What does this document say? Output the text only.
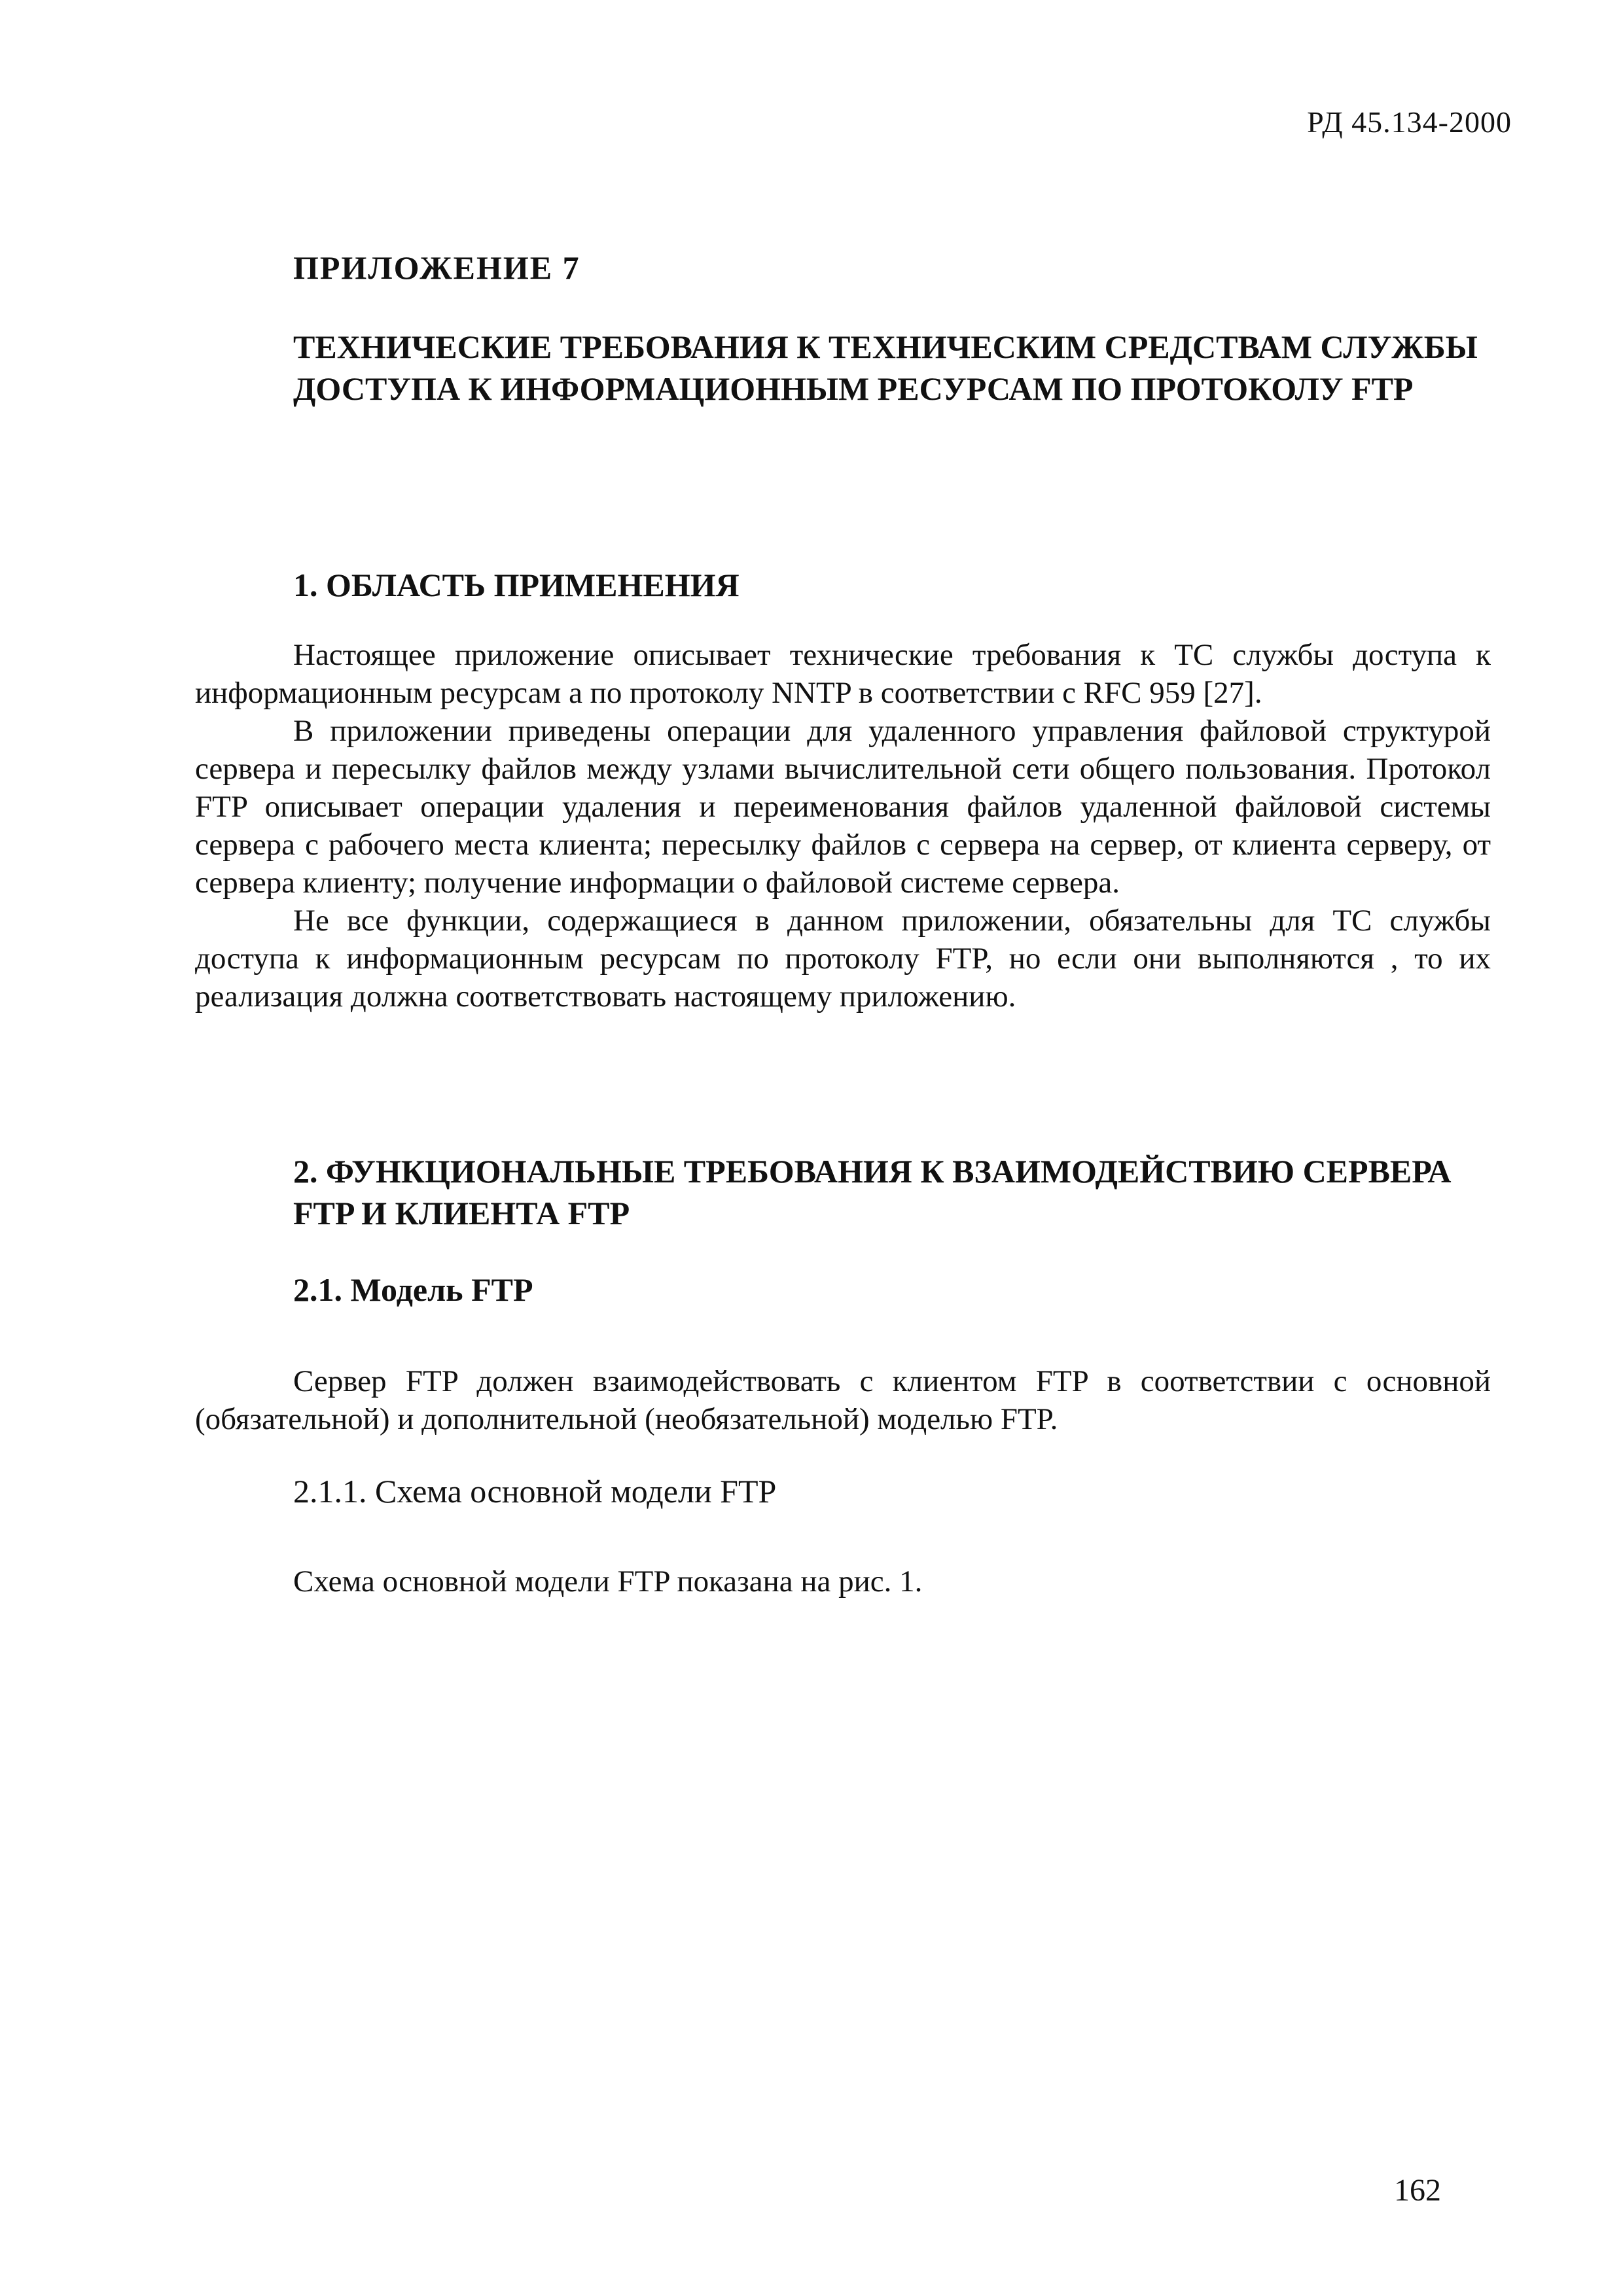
РД 45.134-2000
ПРИЛОЖЕНИЕ 7
ТЕХНИЧЕСКИЕ ТРЕБОВАНИЯ К ТЕХНИЧЕСКИМ СРЕДСТВАМ СЛУЖБЫ
ДОСТУПА К ИНФОРМАЦИОННЫМ РЕСУРСАМ ПО ПРОТОКОЛУ FTP
1. ОБЛАСТЬ ПРИМЕНЕНИЯ

Настоящее приложение описывает технические требования к ТС службы доступа к информационным ресурсам а по протоколу NNTP в соответствии с RFC 959 [27].

В приложении приведены операции для удаленного управления файловой структурой сервера и пересылку файлов между узлами вычислительной сети общего пользования. Протокол FTP описывает операции удаления и переименования файлов удаленной файловой системы сервера с рабочего места клиента; пересылку файлов с сервера на сервер, от клиента серверу, от сервера клиенту; получение информации о файловой системе сервера.

Не все функции, содержащиеся в данном приложении, обязательны для ТС службы доступа к информационным ресурсам по протоколу FTP, но если они выполняются , то их реализация должна соответствовать настоящему приложению.

2. ФУНКЦИОНАЛЬНЫЕ ТРЕБОВАНИЯ К ВЗАИМОДЕЙСТВИЮ СЕРВЕРА
FTP И КЛИЕНТА FTP
2.1. Модель FTP

Сервер FTP должен взаимодействовать с клиентом FTP в соответствии с основной (обязательной) и дополнительной (необязательной) моделью FTP.

2.1.1. Схема основной модели FTP

Схема основной модели FTP показана на рис. 1.

162
